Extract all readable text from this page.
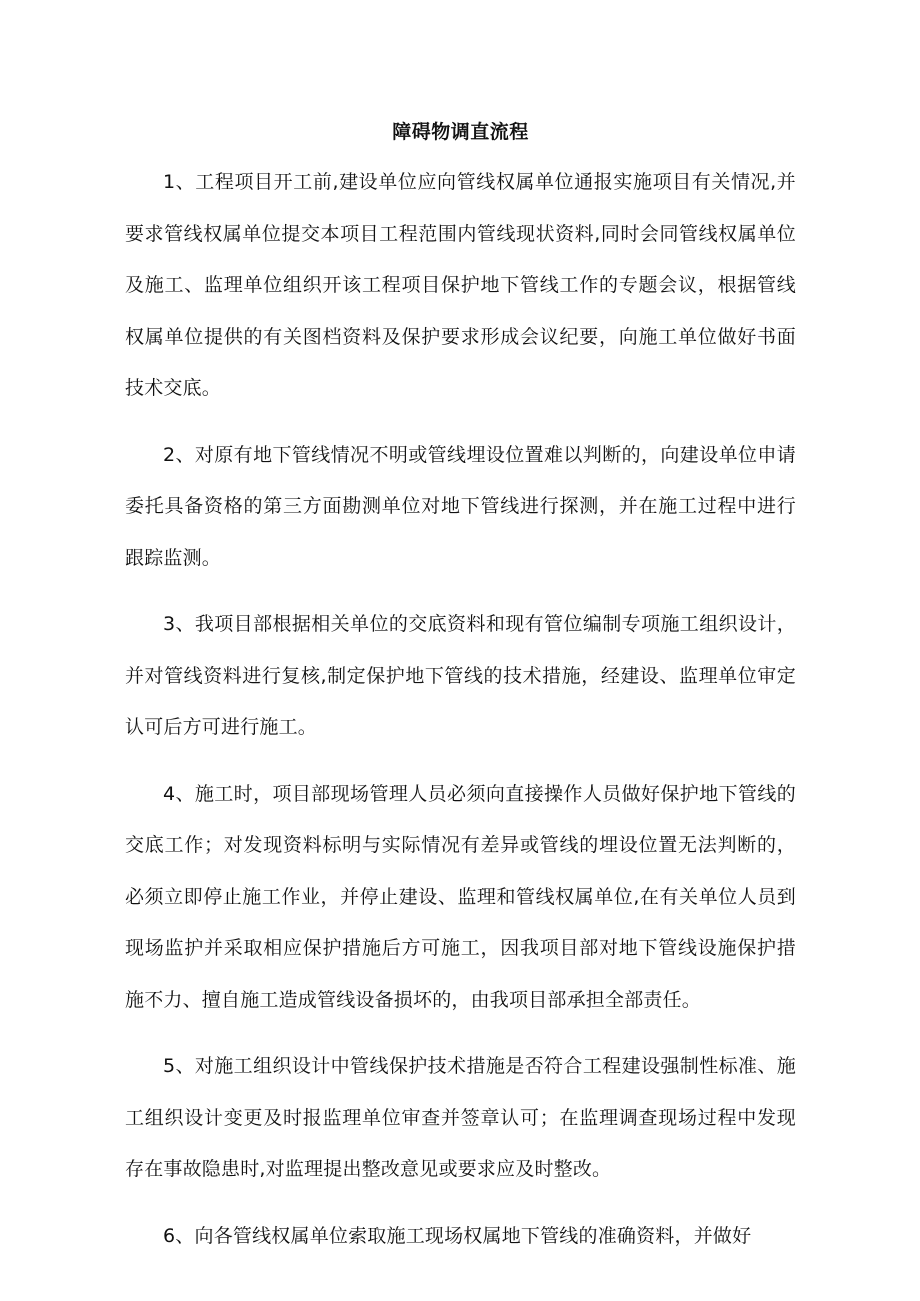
障碍物调直流程

1、工程项目开工前,建设单位应向管线权属单位通报实施项目有关情况,并要求管线权属单位提交本项目工程范围内管线现状资料,同时会同管线权属单位及施工、监理单位组织开该工程项目保护地下管线工作的专题会议，根据管线权属单位提供的有关图档资料及保护要求形成会议纪要，向施工单位做好书面技术交底。

2、对原有地下管线情况不明或管线埋设位置难以判断的，向建设单位申请委托具备资格的第三方面勘测单位对地下管线进行探测，并在施工过程中进行跟踪监测。

3、我项目部根据相关单位的交底资料和现有管位编制专项施工组织设计，并对管线资料进行复核,制定保护地下管线的技术措施，经建设、监理单位审定认可后方可进行施工。

4、施工时，项目部现场管理人员必须向直接操作人员做好保护地下管线的交底工作；对发现资料标明与实际情况有差异或管线的埋设位置无法判断的，必须立即停止施工作业，并停止建设、监理和管线权属单位,在有关单位人员到现场监护并采取相应保护措施后方可施工，因我项目部对地下管线设施保护措施不力、擅自施工造成管线设备损坏的，由我项目部承担全部责任。

5、对施工组织设计中管线保护技术措施是否符合工程建设强制性标准、施工组织设计变更及时报监理单位审查并签章认可；在监理调查现场过程中发现存在事故隐患时,对监理提出整改意见或要求应及时整改。

6、向各管线权属单位索取施工现场权属地下管线的准确资料，并做好
